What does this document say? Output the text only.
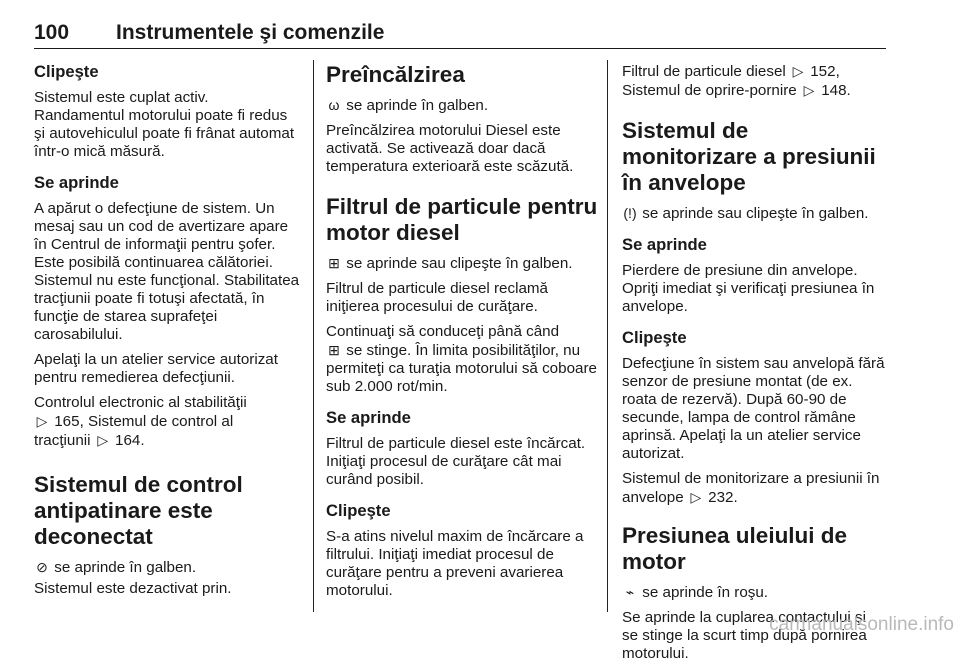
100 Instrumentele şi comenzile
Clipeşte

Sistemul este cuplat activ.

Randamentul motorului poate fi redus şi autovehiculul poate fi frânat automat într-o mică măsură.

Se aprinde

A apărut o defecţiune de sistem. Un mesaj sau un cod de avertizare apare în Centrul de informaţii pentru şofer. Este posibilă continuarea călătoriei. Sistemul nu este funcţional. Stabilitatea tracţiunii poate fi totuşi afectată, în funcţie de starea suprafeţei carosabilului.

Apelaţi la un atelier service autorizat pentru remedierea defecţiunii.

Controlul electronic al stabilităţii
▷ 165, Sistemul de control al
tracţiunii ▷ 164.

Sistemul de control antipatinare este deconectat

⊘ se aprinde în galben.

Sistemul este dezactivat prin.

Preîncălzirea

ω se aprinde în galben.

Preîncălzirea motorului Diesel este activată. Se activează doar dacă temperatura exterioară este scăzută.

Filtrul de particule pentru motor diesel

⊞ se aprinde sau clipeşte în galben.

Filtrul de particule diesel reclamă iniţierea procesului de curăţare.

Continuaţi să conduceţi până când
⊞ se stinge. În limita posibilităţilor, nu permiteţi ca turaţia motorului să coboare sub 2.000 rot/min.

Se aprinde

Filtrul de particule diesel este încărcat. Iniţiaţi procesul de curăţare cât mai curând posibil.

Clipeşte

S-a atins nivelul maxim de încărcare a filtrului. Iniţiaţi imediat procesul de curăţare pentru a preveni avarierea motorului.

Filtrul de particule diesel ▷ 152,
Sistemul de oprire-pornire ▷ 148.

Sistemul de monitorizare a presiunii în anvelope

(!) se aprinde sau clipeşte în galben.

Se aprinde

Pierdere de presiune din anvelope. Opriţi imediat şi verificaţi presiunea în anvelope.

Clipeşte

Defecţiune în sistem sau anvelopă fără senzor de presiune montat (de ex. roata de rezervă). După 60-90 de secunde, lampa de control rămâne aprinsă. Apelaţi la un atelier service autorizat.

Sistemul de monitorizare a presiunii în anvelope ▷ 232.

Presiunea uleiului de motor

⌁ se aprinde în roşu.

Se aprinde la cuplarea contactului şi se stinge la scurt timp după pornirea motorului.

carmanualsonline.info
